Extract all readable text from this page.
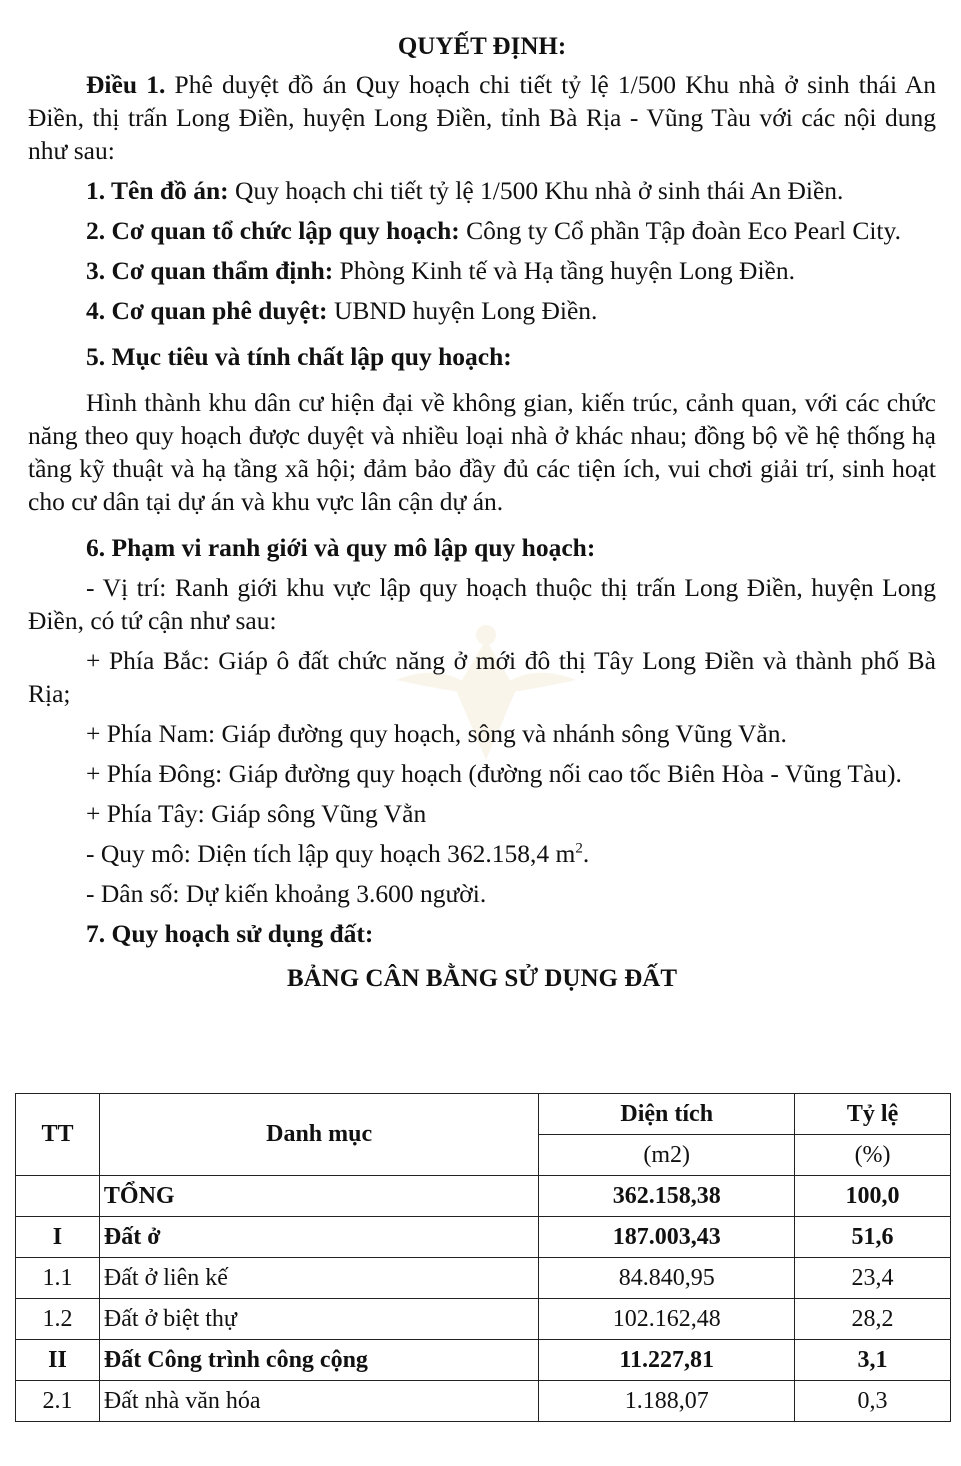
QUYẾT ĐỊNH:

Điều 1. Phê duyệt đồ án Quy hoạch chi tiết tỷ lệ 1/500 Khu nhà ở sinh thái An Điền, thị trấn Long Điền, huyện Long Điền, tỉnh Bà Rịa - Vũng Tàu với các nội dung như sau:

1. Tên đồ án: Quy hoạch chi tiết tỷ lệ 1/500 Khu nhà ở sinh thái An Điền.

2. Cơ quan tổ chức lập quy hoạch: Công ty Cổ phần Tập đoàn Eco Pearl City.

3. Cơ quan thẩm định: Phòng Kinh tế và Hạ tầng huyện Long Điền.

4. Cơ quan phê duyệt: UBND huyện Long Điền.

5. Mục tiêu và tính chất lập quy hoạch:

Hình thành khu dân cư hiện đại về không gian, kiến trúc, cảnh quan, với các chức năng theo quy hoạch được duyệt và nhiều loại nhà ở khác nhau; đồng bộ về hệ thống hạ tầng kỹ thuật và hạ tầng xã hội; đảm bảo đầy đủ các tiện ích, vui chơi giải trí, sinh hoạt cho cư dân tại dự án và khu vực lân cận dự án.

6. Phạm vi ranh giới và quy mô lập quy hoạch:

- Vị trí: Ranh giới khu vực lập quy hoạch thuộc thị trấn Long Điền, huyện Long Điền, có tứ cận như sau:

+ Phía Bắc: Giáp ô đất chức năng ở mới đô thị Tây Long Điền và thành phố Bà Rịa;

+ Phía Nam: Giáp đường quy hoạch, sông và nhánh sông Vũng Vằn.

+ Phía Đông: Giáp đường quy hoạch (đường nối cao tốc Biên Hòa - Vũng Tàu).

+ Phía Tây: Giáp sông Vũng Vằn

- Quy mô: Diện tích lập quy hoạch 362.158,4 $m^2$.

- Dân số: Dự kiến khoảng 3.600 người.

7. Quy hoạch sử dụng đất:

BẢNG CÂN BẰNG SỬ DỤNG ĐẤT
TT	Danh mục	Diện tích	Tỷ lệ
		(m2)	(%)
	TỔNG	362.158,38	100,0
I	Đất ở	187.003,43	51,6
1.1	Đất ở liên kế	84.840,95	23,4
1.2	Đất ở biệt thự	102.162,48	28,2
II	Đất Công trình công cộng	11.227,81	3,1
2.1	Đất nhà văn hóa	1.188,07	0,3
